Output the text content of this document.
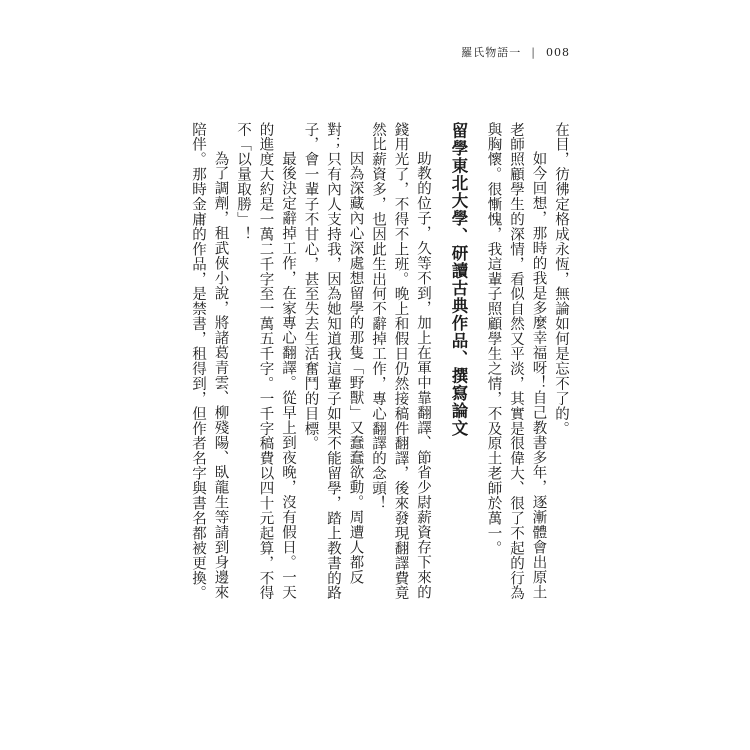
羅氏物語一 | 008

在目，彷彿定格成永恆，無論如何是忘不了的。

如今回想，那時的我是多麼幸福呀！自己教書多年，逐漸體會出原土老師照顧學生的深情，看似自然又平淡，其實是很偉大、很了不起的行為與胸懷。很慚愧，我這輩子照顧學生之情，不及原土老師於萬一。

留學東北大學、研讀古典作品、撰寫論文

助教的位子，久等不到，加上在軍中靠翻譯、節省少尉薪資存下來的錢用光了，不得不上班。晚上和假日仍然接稿件翻譯，後來發現翻譯費竟然比薪資多，也因此生出何不辭掉工作，專心翻譯的念頭！

因為深藏內心深處想留學的那隻「野獸」又蠢蠢欲動。周遭人都反對；只有內人支持我，因為她知道我這輩子如果不能留學，踏上教書的路子，會一輩子不甘心，甚至失去生活奮鬥的目標。

最後決定辭掉工作，在家專心翻譯。從早上到夜晚，沒有假日。一天的進度大約是一萬二千字至一萬五千字。一千字稿費以四十元起算，不得不「以量取勝」！

為了調劑，租武俠小說，將諸葛青雲、柳殘陽、臥龍生等請到身邊來陪伴。那時金庸的作品，是禁書，租得到，但作者名字與書名都被更換。
